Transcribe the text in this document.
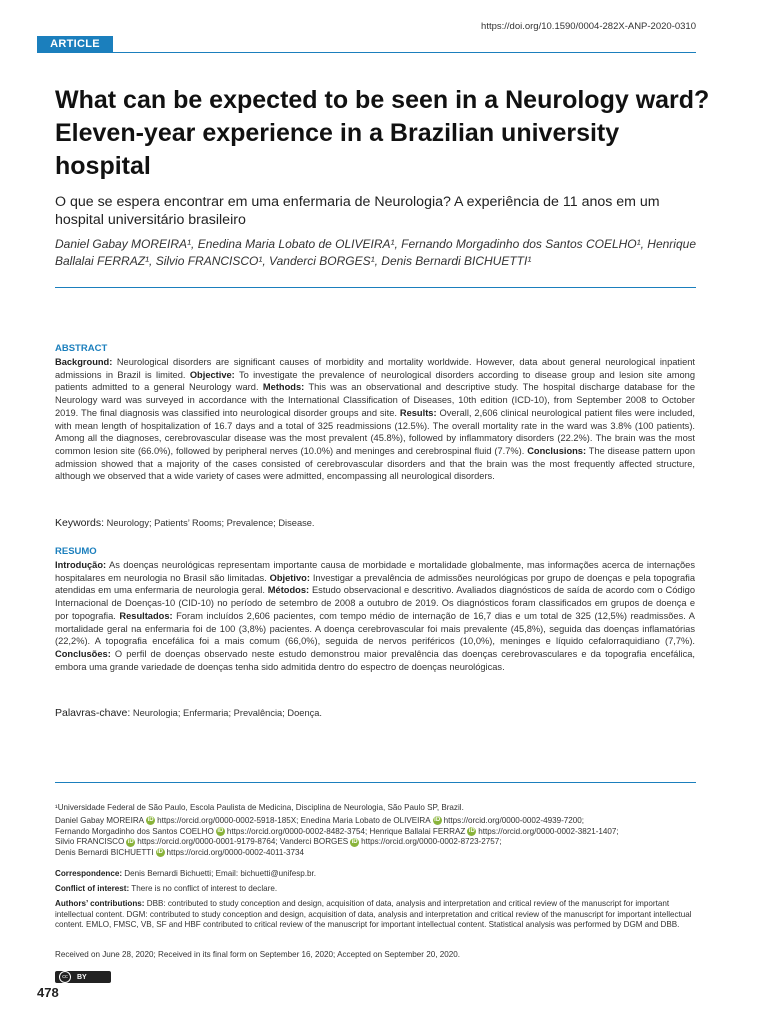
https://doi.org/10.1590/0004-282X-ANP-2020-0310
ARTICLE
What can be expected to be seen in a Neurology ward? Eleven-year experience in a Brazilian university hospital
O que se espera encontrar em uma enfermaria de Neurologia? A experiência de 11 anos em um hospital universitário brasileiro
Daniel Gabay MOREIRA¹, Enedina Maria Lobato de OLIVEIRA¹, Fernando Morgadinho dos Santos COELHO¹, Henrique Ballalai FERRAZ¹, Silvio FRANCISCO¹, Vanderci BORGES¹, Denis Bernardi BICHUETTI¹
ABSTRACT

Background: Neurological disorders are significant causes of morbidity and mortality worldwide. However, data about general neurological inpatient admissions in Brazil is limited. Objective: To investigate the prevalence of neurological disorders according to disease group and lesion site among patients admitted to a general Neurology ward. Methods: This was an observational and descriptive study. The hospital discharge database for the Neurology ward was surveyed in accordance with the International Classification of Diseases, 10th edition (ICD-10), from September 2008 to October 2019. The final diagnosis was classified into neurological disorder groups and site. Results: Overall, 2,606 clinical neurological patient files were included, with mean length of hospitalization of 16.7 days and a total of 325 readmissions (12.5%). The overall mortality rate in the ward was 3.8% (100 patients). Among all the diagnoses, cerebrovascular disease was the most prevalent (45.8%), followed by inflammatory disorders (22.2%). The brain was the most common lesion site (66.0%), followed by peripheral nerves (10.0%) and meninges and cerebrospinal fluid (7.7%). Conclusions: The disease pattern upon admission showed that a majority of the cases consisted of cerebrovascular disorders and that the brain was the most frequently affected structure, although we observed that a wide variety of cases were admitted, encompassing all neurological disorders.

Keywords: Neurology; Patients’ Rooms; Prevalence; Disease.
RESUMO

Introdução: As doenças neurológicas representam importante causa de morbidade e mortalidade globalmente, mas informações acerca de internações hospitalares em neurologia no Brasil são limitadas. Objetivo: Investigar a prevalência de admissões neurológicas por grupo de doenças e pela topografia atendidas em uma enfermaria de neurologia geral. Métodos: Estudo observacional e descritivo. Avaliados diagnósticos de saída de acordo com o Código Internacional de Doenças-10 (CID-10) no período de setembro de 2008 a outubro de 2019. Os diagnósticos foram classificados em grupos de doença e por topografia. Resultados: Foram incluídos 2,606 pacientes, com tempo médio de internação de 16,7 dias e um total de 325 (12,5%) readmissões. A mortalidade geral na enfermaria foi de 100 (3,8%) pacientes. A doença cerebrovascular foi mais prevalente (45,8%), seguida das doenças inflamatórias (22,2%). A topografia encefálica foi a mais comum (66,0%), seguida de nervos periféricos (10,0%), meninges e líquido cefalorraquidiano (7,7%). Conclusões: O perfil de doenças observado neste estudo demonstrou maior prevalência das doenças cerebrovasculares e da topografia encefálica, embora uma grande variedade de doenças tenha sido admitida dentro do espectro de doenças neurológicas.

Palavras-chave: Neurologia; Enfermaria; Prevalência; Doença.

¹Universidade Federal de São Paulo, Escola Paulista de Medicina, Disciplina de Neurologia, São Paulo SP, Brazil.

Daniel Gabay MOREIRA iD https://orcid.org/0000-0002-5918-185X; Enedina Maria Lobato de OLIVEIRA iD https://orcid.org/0000-0002-4939-7200;
Fernando Morgadinho dos Santos COELHO iD https://orcid.org/0000-0002-8482-3754; Henrique Ballalai FERRAZ iD https://orcid.org/0000-0002-3821-1407;
Silvio FRANCISCO iD https://orcid.org/0000-0001-9179-8764; Vanderci BORGES iD https://orcid.org/0000-0002-8723-2757;
Denis Bernardi BICHUETTI iD https://orcid.org/0000-0002-4011-3734

Correspondence: Denis Bernardi Bichuetti; Email: bichuetti@unifesp.br.

Conflict of interest: There is no conflict of interest to declare.

Authors’ contributions: DBB: contributed to study conception and design, acquisition of data, analysis and interpretation and critical review of the manuscript for important intellectual content. DGM: contributed to study conception and design, acquisition of data, analysis and interpretation and critical review of the manuscript for important intellectual content. EMLO, FMSC, VB, SF and HBF contributed to critical review of the manuscript for important intellectual content. Statistical analysis was performed by DGM and DBB.

Received on June 28, 2020; Received in its final form on September 16, 2020; Accepted on September 20, 2020.

cc BY
478
